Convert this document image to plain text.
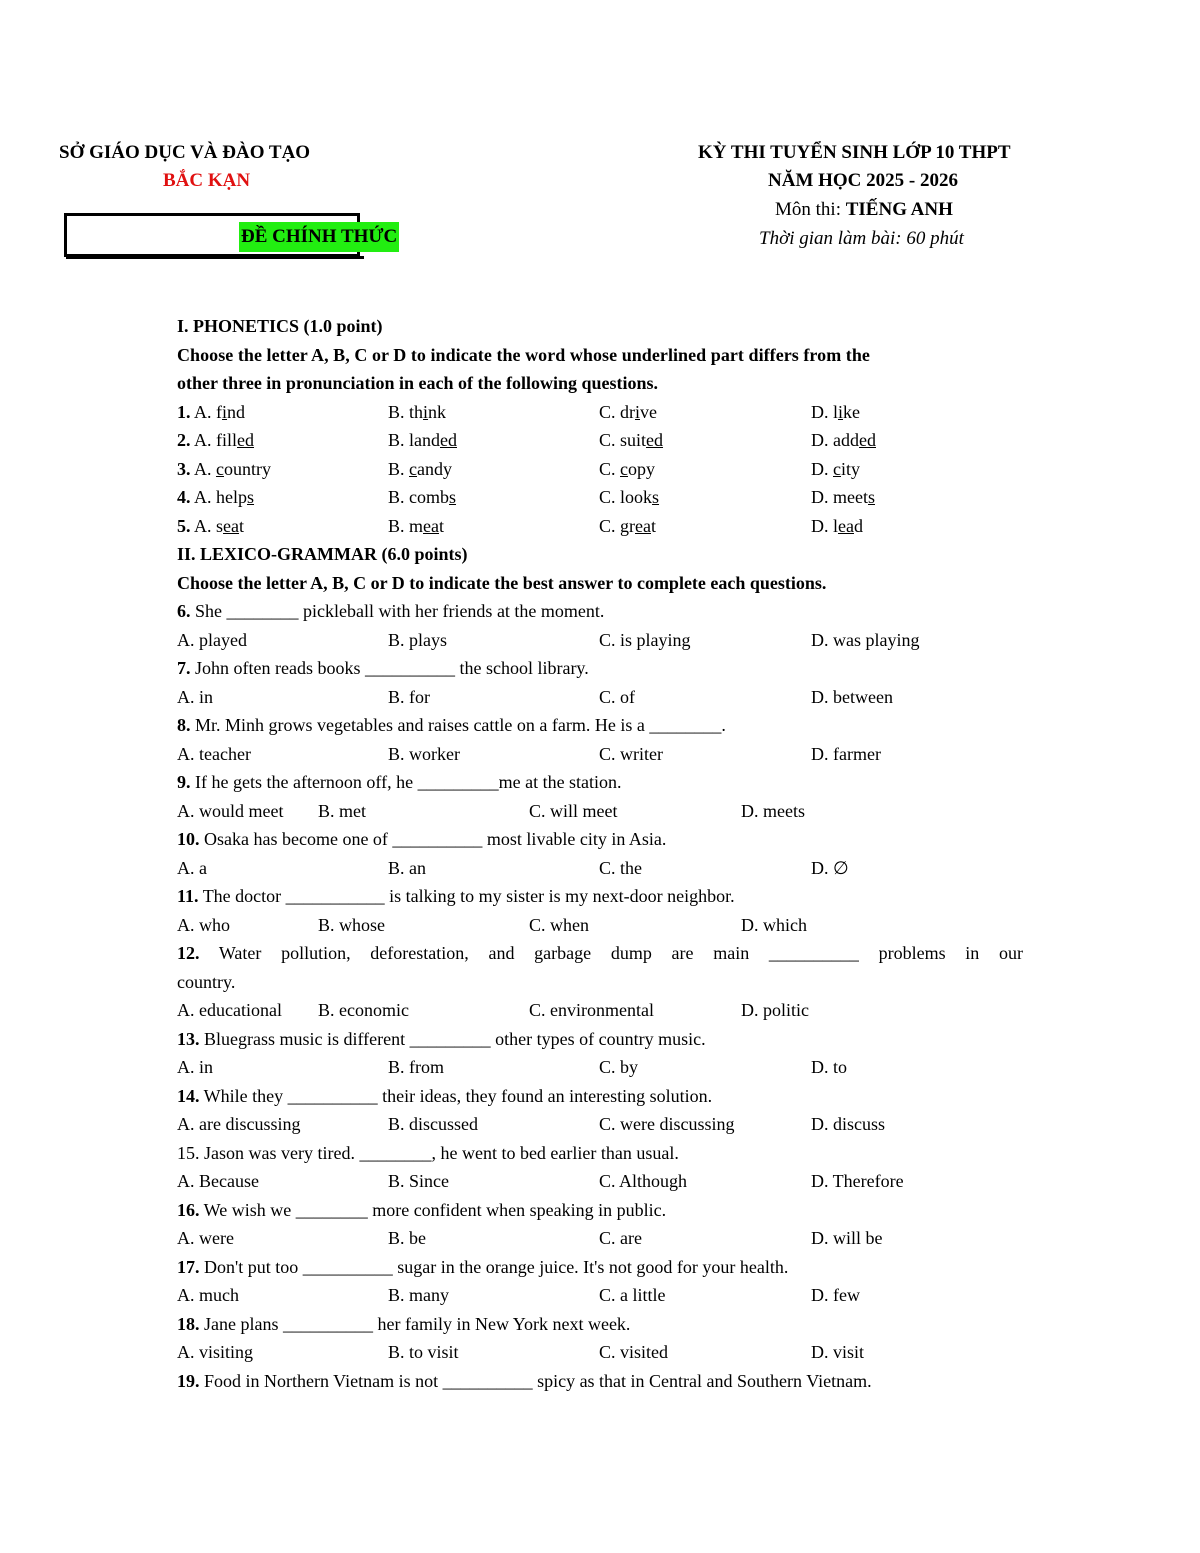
SỞ GIÁO DỤC VÀ ĐÀO TẠO
BẮC KẠN
ĐỀ CHÍNH THỨC
KỲ THI TUYỂN SINH LỚP 10 THPT
NĂM HỌC 2025 - 2026
Môn thi: TIẾNG ANH
Thời gian làm bài: 60 phút
I. PHONETICS (1.0 point)
Choose the letter A, B, C or D to indicate the word whose underlined part differs from the
other three in pronunciation in each of the following questions.
1. A. find	B. think	C. drive	D. like
2. A. filled	B. landed	C. suited	D. added
3. A. country	B. candy	C. copy	D. city
4. A. helps	B. combs	C. looks	D. meets
5. A. seat	B. meat	C. great	D. lead
II. LEXICO-GRAMMAR (6.0 points)
Choose the letter A, B, C or D to indicate the best answer to complete each questions.
6. She ________ pickleball with her friends at the moment.
A. played	B. plays	C. is playing	D. was playing
7. John often reads books __________ the school library.
A. in	B. for	C. of	D. between
8. Mr. Minh grows vegetables and raises cattle on a farm. He is a ________.
A. teacher	B. worker	C. writer	D. farmer
9. If he gets the afternoon off, he _________me at the station.
A. would meet	B. met	C. will meet	D. meets
10. Osaka has become one of __________ most livable city in Asia.
A. a	B. an	C. the	D. ∅
11. The doctor ___________ is talking to my sister is my next-door neighbor.
A. who	B. whose	C. when	D. which
12. Water pollution, deforestation, and garbage dump are main __________ problems in our
country.
A. educational	B. economic	C. environmental	D. politic
13. Bluegrass music is different _________ other types of country music.
A. in	B. from	C. by	D. to
14. While they __________ their ideas, they found an interesting solution.
A. are discussing	B. discussed	C. were discussing	D. discuss
15. Jason was very tired. ________, he went to bed earlier than usual.
A. Because	B. Since	C. Although	D. Therefore
16. We wish we ________ more confident when speaking in public.
A. were	B. be	C. are	D. will be
17. Don't put too __________ sugar in the orange juice. It's not good for your health.
A. much	B. many	C. a little	D. few
18. Jane plans __________ her family in New York next week.
A. visiting	B. to visit	C. visited	D. visit
19. Food in Northern Vietnam is not __________ spicy as that in Central and Southern Vietnam.
